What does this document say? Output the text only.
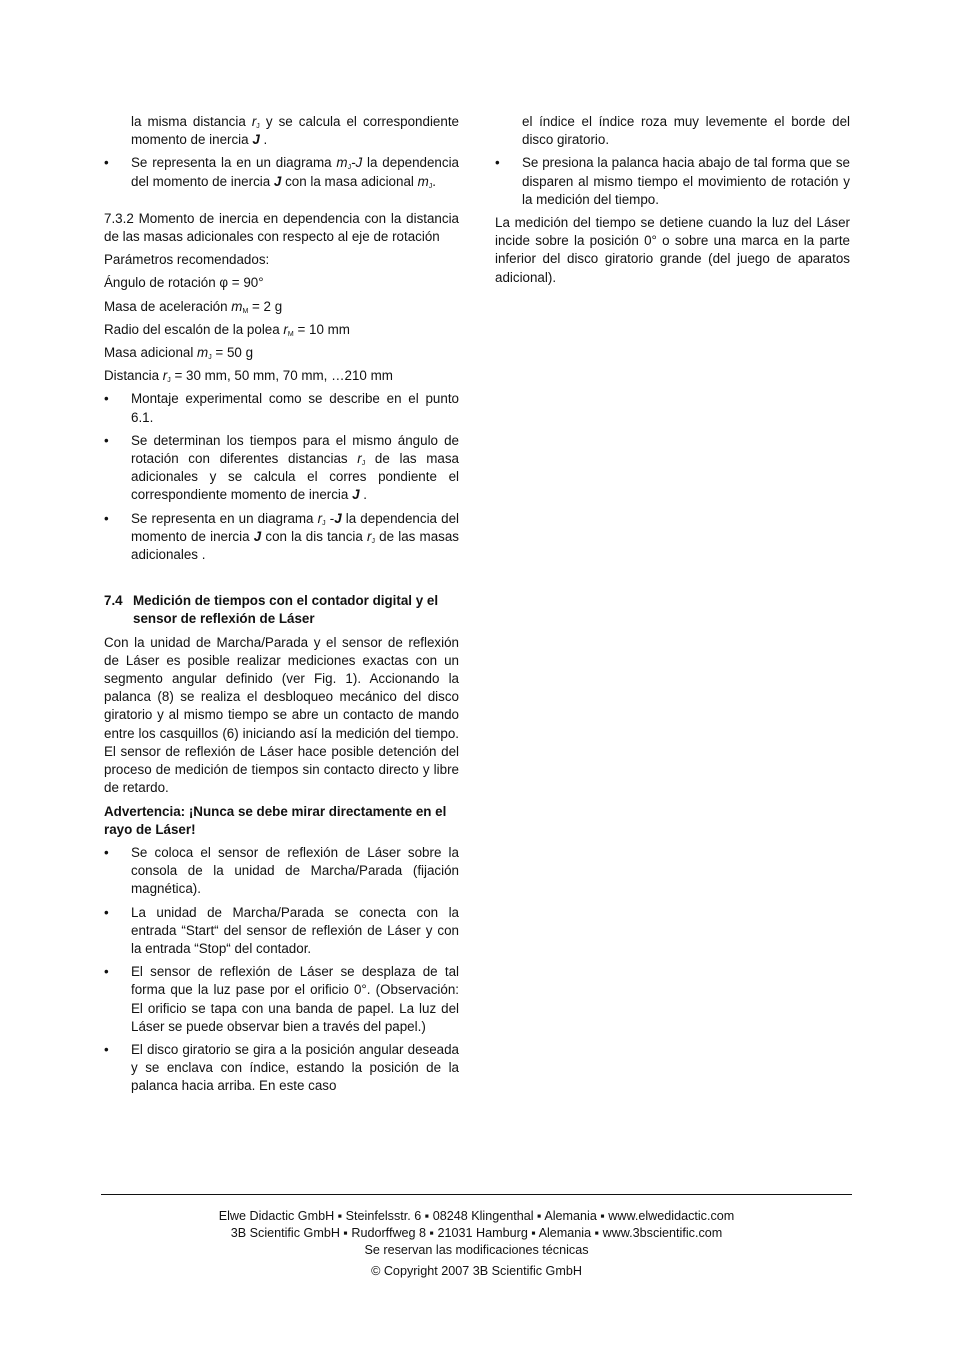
la misma distancia $r_J$ y se calcula el correspondiente momento de inercia J .

• Se representa la en un diagrama $m_J-J$ la dependencia del momento de inercia J con la masa adicional $m_J$.

7.3.2 Momento de inercia en dependencia con la distancia de las masas adicionales con respecto al eje de rotación

Parámetros recomendados:

Ángulo de rotación φ = 90°

Masa de aceleración $m_M = 2$ g

Radio del escalón de la polea $r_M = 10$ mm

Masa adicional $m_J = 50$ g

Distancia $r_J = 30$ mm, 50 mm, 70 mm, …210 mm

• Montaje experimental como se describe en el punto 6.1.
• Se determinan los tiempos para el mismo ángulo de rotación con diferentes distancias $r_J$ de las masa adicionales y se calcula el corres pondiente el correspondiente momento de inercia J .
• Se representa en un diagrama $r_J$ -J la dependencia del momento de inercia J con la dis tancia $r_J$ de las masas adicionales .

7.4 Medición de tiempos con el contador digital y el sensor de reflexión de Láser

Con la unidad de Marcha/Parada y el sensor de reflexión de Láser es posible realizar mediciones exactas con un segmento angular definido (ver Fig. 1). Accionando la palanca (8) se realiza el desbloqueo mecánico del disco giratorio y al mismo tiempo se abre un contacto de mando entre los casquillos (6) iniciando así la medición del tiempo. El sensor de reflexión de Láser hace posible detención del proceso de medición de tiempos sin contacto directo y libre de retardo.

Advertencia: ¡Nunca se debe mirar directamente en el rayo de Láser!

• Se coloca el sensor de reflexión de Láser sobre la consola de la unidad de Marcha/Parada (fijación magnética).
• La unidad de Marcha/Parada se conecta con la entrada “Start“ del sensor de reflexión de Láser y con la entrada “Stop“ del contador.
• El sensor de reflexión de Láser se desplaza de tal forma que la luz pase por el orificio 0°. (Observación: El orificio se tapa con una banda de papel. La luz del Láser se puede observar bien a través del papel.)
• El disco giratorio se gira a la posición angular deseada y se enclava con índice, estando la posición de la palanca hacia arriba. En este caso

el índice el índice roza muy levemente el borde del disco giratorio.

• Se presiona la palanca hacia abajo de tal forma que se disparen al mismo tiempo el movimiento de rotación y la medición del tiempo.

La medición del tiempo se detiene cuando la luz del Láser incide sobre la posición 0° o sobre una marca en la parte inferior del disco giratorio grande (del juego de aparatos adicional).

Elwe Didactic GmbH ▪ Steinfelsstr. 6 ▪ 08248 Klingenthal ▪ Alemania ▪ www.elwedidactic.com
3B Scientific GmbH ▪ Rudorffweg 8 ▪ 21031 Hamburg ▪ Alemania ▪ www.3bscientific.com
Se reservan las modificaciones técnicas
© Copyright 2007 3B Scientific GmbH
